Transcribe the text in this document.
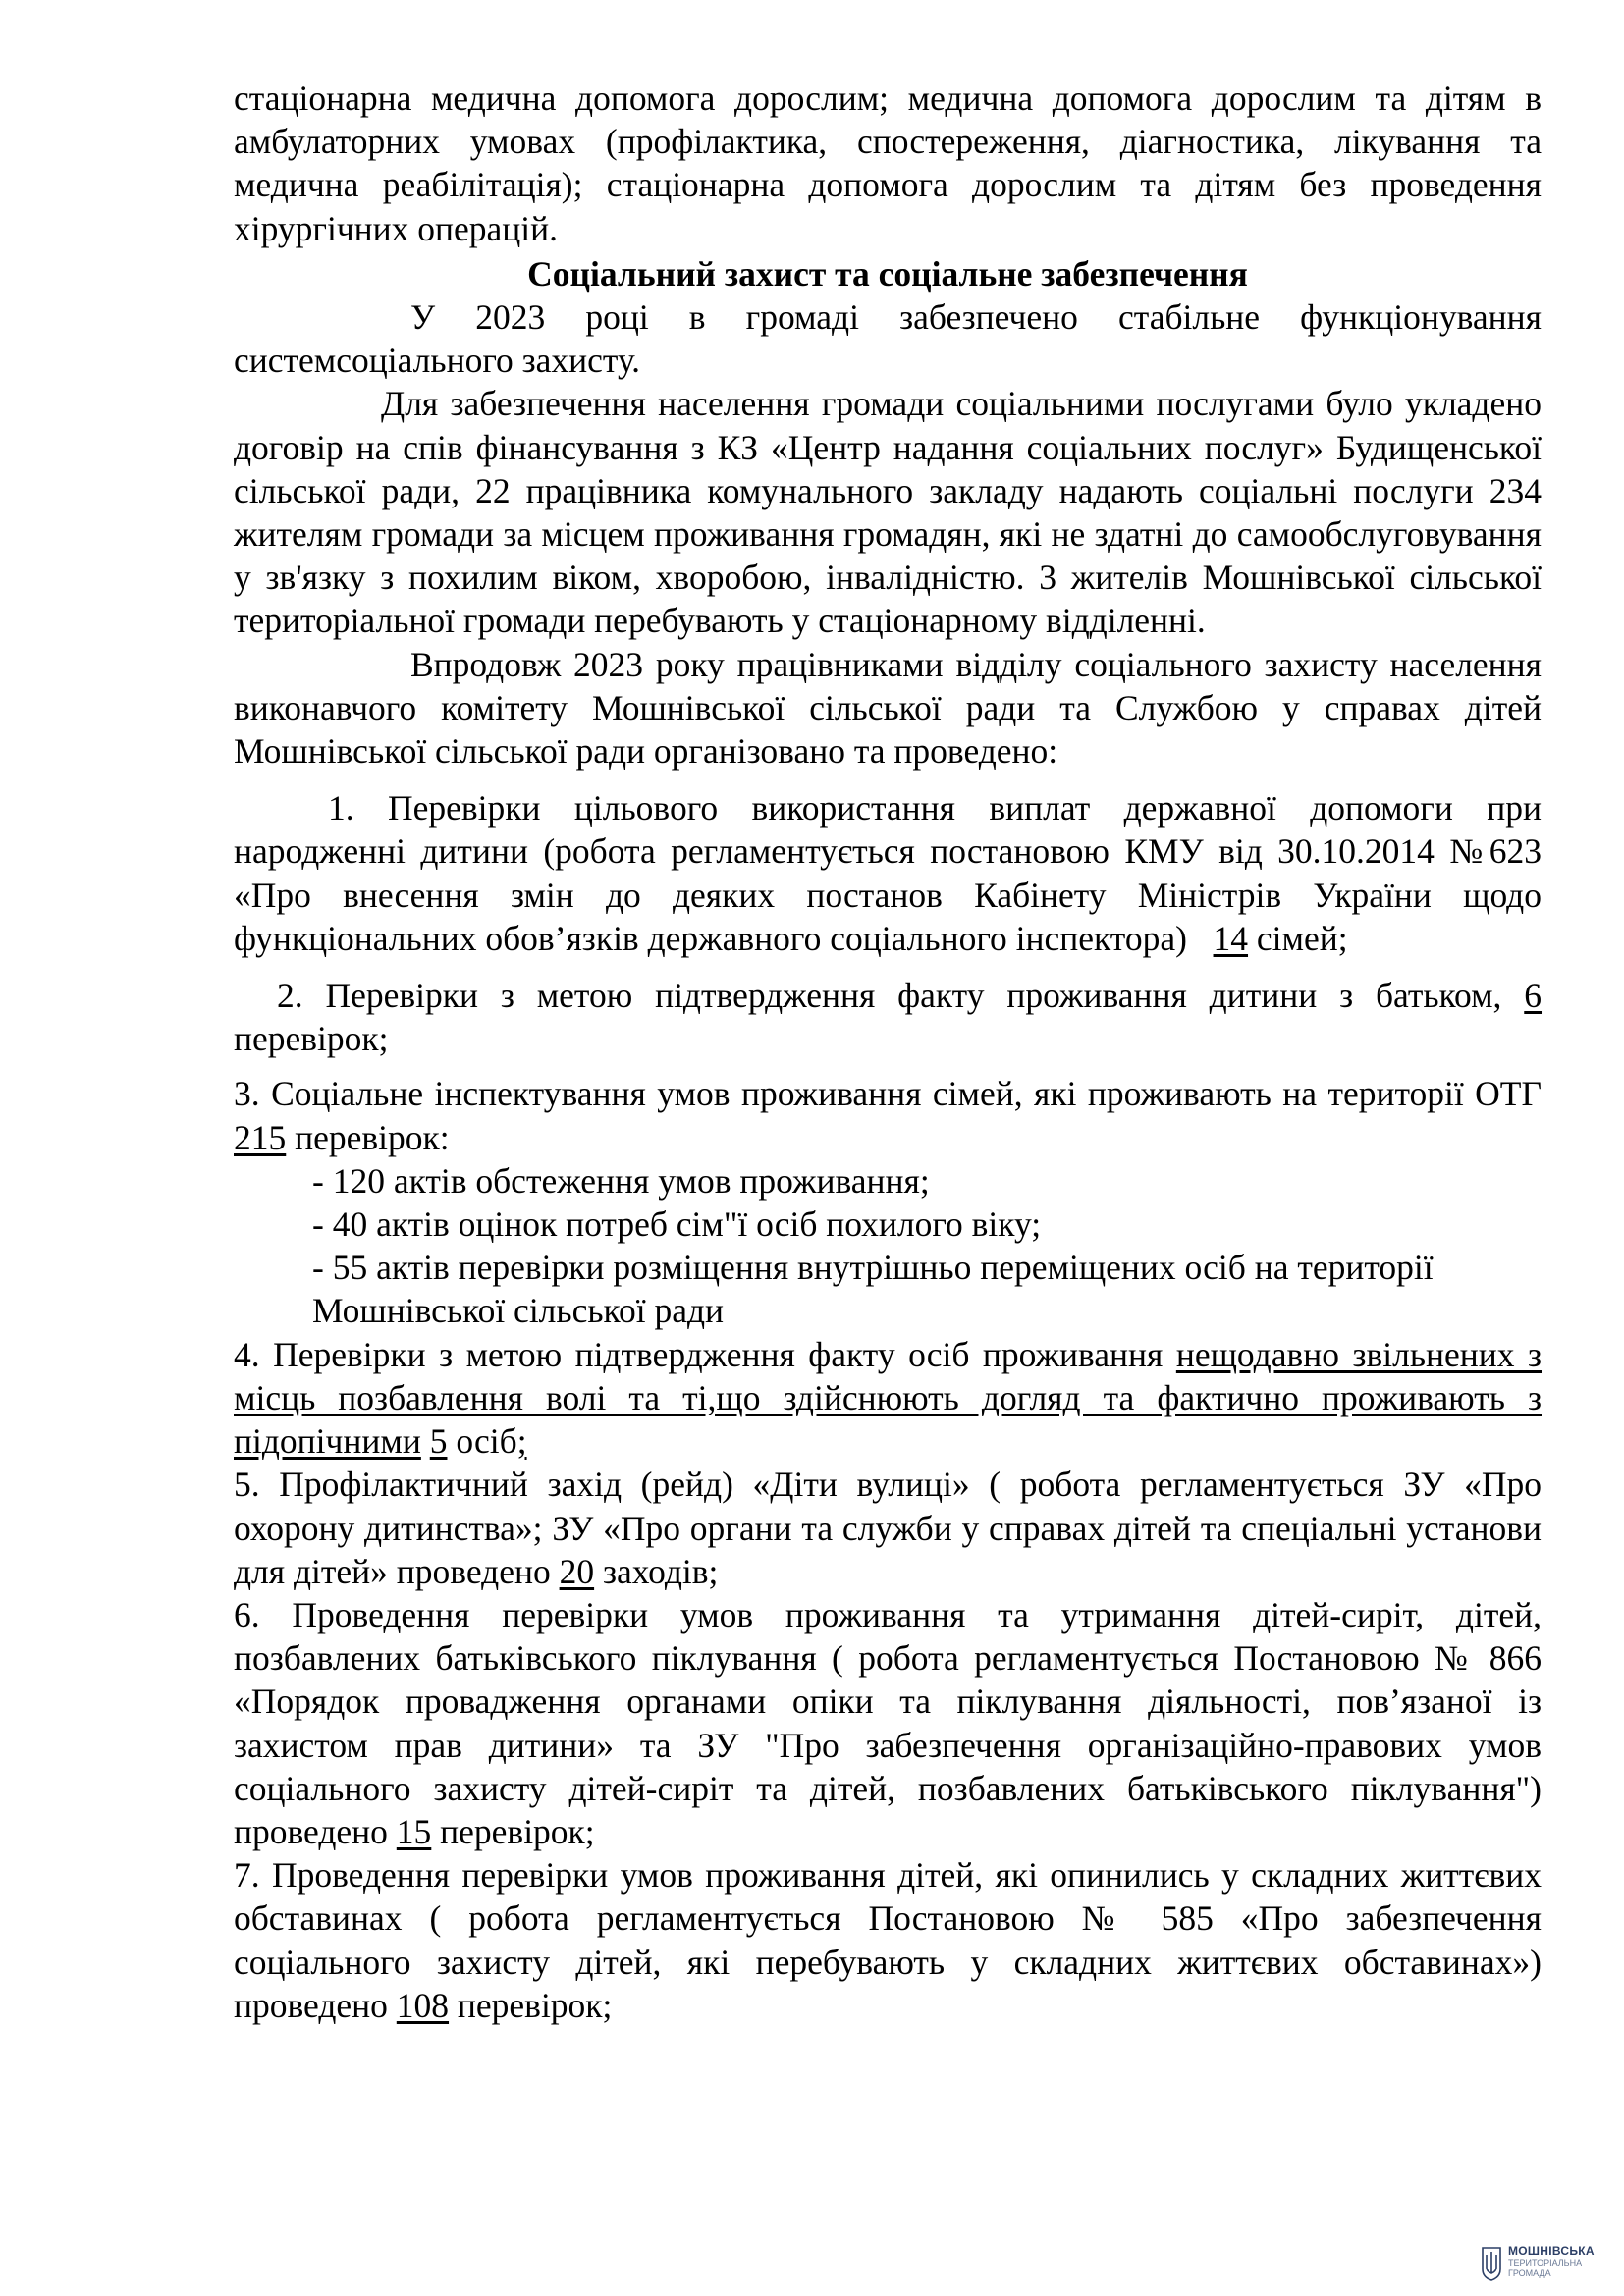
стаціонарна медична допомога дорослим; медична допомога дорослим та дітям в амбулаторних умовах (профілактика, спостереження, діагностика, лікування та медична реабілітація); стаціонарна допомога дорослим та дітям без проведення хірургічних операцій.

Соціальний захист та соціальне забезпечення

У 2023 році в громаді забезпечено стабільне функціонування системсоціального захисту.

Для забезпечення населення громади соціальними послугами було укладено договір на спів фінансування з КЗ «Центр надання соціальних послуг» Будищенської сільської ради, 22 працівника комунального закладу надають соціальні послуги 234 жителям громади за місцем проживання громадян, які не здатні до самообслуговування у зв'язку з похилим віком, хворобою, інвалідністю. 3 жителів Мошнівської сільської територіальної громади перебувають у стаціонарному відділенні.

Впродовж 2023 року працівниками відділу соціального захисту населення виконавчого комітету Мошнівської сільської ради та Службою у справах дітей Мошнівської сільської ради організовано та проведено:

1. Перевірки цільового використання виплат державної допомоги при народженні дитини (робота регламентується постановою КМУ від 30.10.2014 №623 «Про внесення змін до деяких постанов Кабінету Міністрів України щодо функціональних обов’язків державного соціального інспектора) 14 сімей;

2. Перевірки з метою підтвердження факту проживання дитини з батьком, 6 перевірок;

3. Соціальне інспектування умов проживання сімей, які проживають на території ОТГ 215 перевірок:

- 120 актів обстеження умов проживання;

- 40 актів оцінок потреб сім"ї осіб похилого віку;

- 55 актів перевірки розміщення внутрішньо переміщених осіб на території

Мошнівської сільської ради

4. Перевірки з метою підтвердження факту осіб проживання нещодавно звільнених з місць позбавлення волі та ті,що здійснюють догляд та фактично проживають з підопічними 5 осіб;

5. Профілактичний захід (рейд) «Діти вулиці» ( робота регламентується ЗУ «Про охорону дитинства»; ЗУ «Про органи та служби у справах дітей та спеціальні установи для дітей» проведено 20 заходів;

6. Проведення перевірки умов проживання та утримання дітей-сиріт, дітей, позбавлених батьківського піклування ( робота регламентується Постановою № 866 «Порядок провадження органами опіки та піклування діяльності, пов’язаної із захистом прав дитини» та ЗУ "Про забезпечення організаційно-правових умов соціального захисту дітей-сиріт та дітей, позбавлених батьківського піклування") проведено 15 перевірок;

7. Проведення перевірки умов проживання дітей, які опинились у складних життєвих обставинах ( робота регламентується Постановою № 585 «Про забезпечення соціального захисту дітей, які перебувають у складних життєвих обставинах») проведено 108 перевірок;

МОШНІВСЬКА
ТЕРИТОРІАЛЬНА
ГРОМАДА
